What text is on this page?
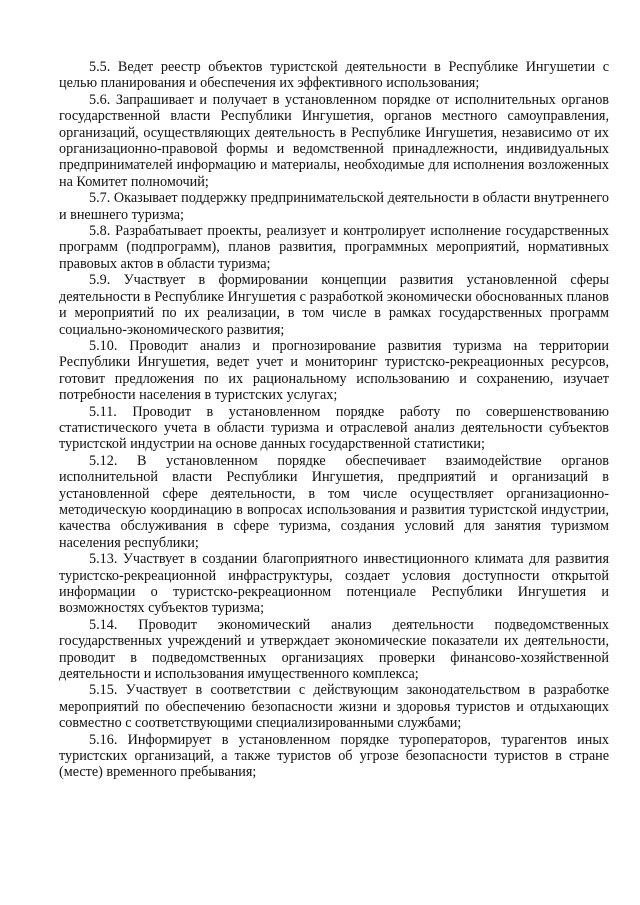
5.5. Ведет реестр объектов туристской деятельности в Республике Ингушетии с целью планирования и обеспечения их эффективного использования;

5.6. Запрашивает и получает в установленном порядке от исполнительных органов государственной власти Республики Ингушетия, органов местного самоуправления, организаций, осуществляющих деятельность в Республике Ингушетия, независимо от их организационно-правовой формы и ведомственной принадлежности, индивидуальных предпринимателей информацию и материалы, необходимые для исполнения возложенных на Комитет полномочий;

5.7. Оказывает поддержку предпринимательской деятельности в области внутреннего и внешнего туризма;

5.8. Разрабатывает проекты, реализует и контролирует исполнение государственных программ (подпрограмм), планов развития, программных мероприятий, нормативных правовых актов в области туризма;

5.9. Участвует в формировании концепции развития установленной сферы деятельности в Республике Ингушетия с разработкой экономически обоснованных планов и мероприятий по их реализации, в том числе в рамках государственных программ социально-экономического развития;

5.10. Проводит анализ и прогнозирование развития туризма на территории Республики Ингушетия, ведет учет и мониторинг туристско-рекреационных ресурсов, готовит предложения по их рациональному использованию и сохранению, изучает потребности населения в туристских услугах;

5.11. Проводит в установленном порядке работу по совершенствованию статистического учета в области туризма и отраслевой анализ деятельности субъектов туристской индустрии на основе данных государственной статистики;

5.12. В установленном порядке обеспечивает взаимодействие органов исполнительной власти Республики Ингушетия, предприятий и организаций в установленной сфере деятельности, в том числе осуществляет организационно-методическую координацию в вопросах использования и развития туристской индустрии, качества обслуживания в сфере туризма, создания условий для занятия туризмом населения республики;

5.13. Участвует в создании благоприятного инвестиционного климата для развития туристско-рекреационной инфраструктуры, создает условия доступности открытой информации о туристско-рекреационном потенциале Республики Ингушетия и возможностях субъектов туризма;

5.14. Проводит экономический анализ деятельности подведомственных государственных учреждений и утверждает экономические показатели их деятельности, проводит в подведомственных организациях проверки финансово-хозяйственной деятельности и использования имущественного комплекса;

5.15. Участвует в соответствии с действующим законодательством в разработке мероприятий по обеспечению безопасности жизни и здоровья туристов и отдыхающих совместно с соответствующими специализированными службами;

5.16. Информирует в установленном порядке туроператоров, турагентов иных туристских организаций, а также туристов об угрозе безопасности туристов в стране (месте) временного пребывания;
